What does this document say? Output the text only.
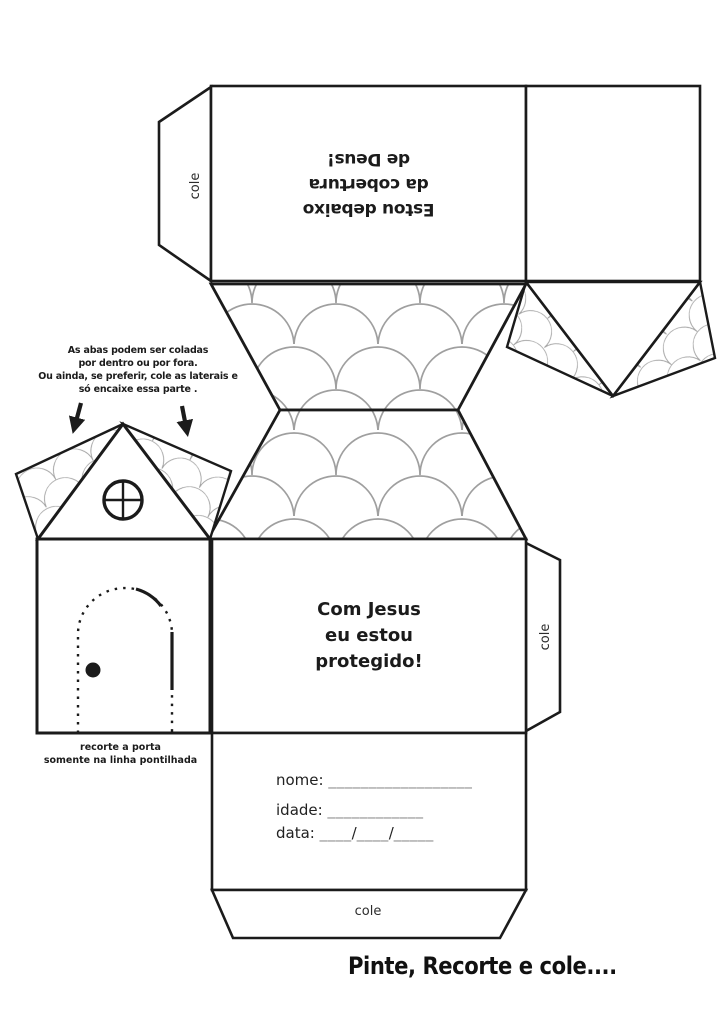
As abas podem ser coladas
por dentro ou por fora.
Ou ainda, se preferir, cole as laterais e
só encaixe essa parte .
Estou debaixo
da cobertura
de Deus!
Com Jesus
eu estou
protegido!
cole
cole
cole
recorte a porta
somente na linha pontilhada
nome: __________________
idade: ____________
data: ____/____/_____
Pinte, Recorte e cole....
